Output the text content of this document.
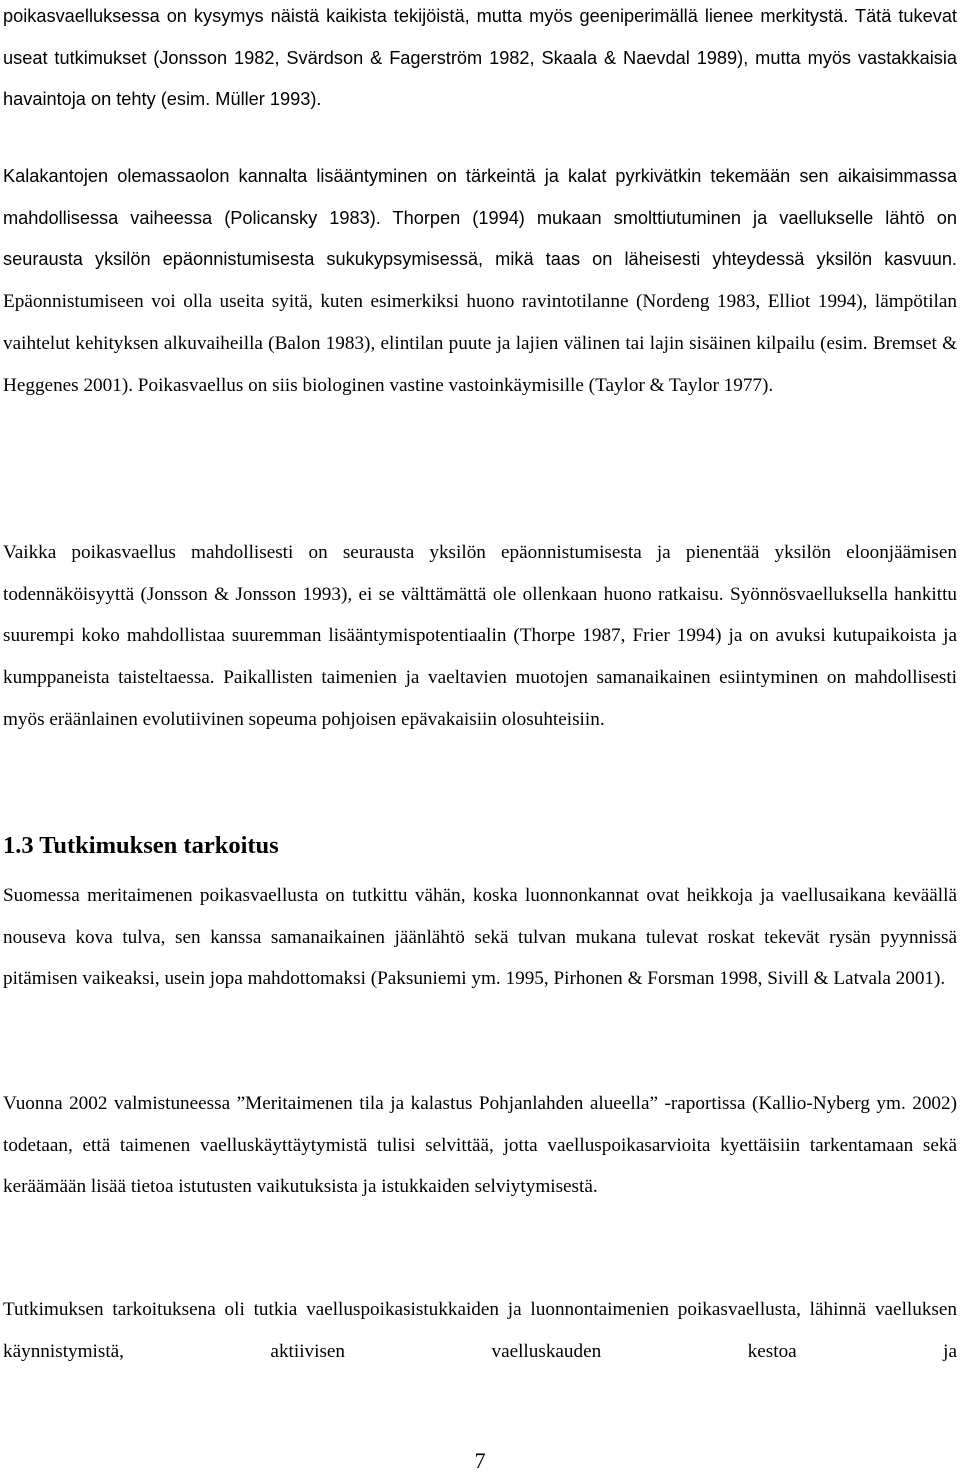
poikasvaelluksessa on kysymys näistä kaikista tekijöistä, mutta myös geeniperimällä lienee merkitystä. Tätä tukevat useat tutkimukset (Jonsson 1982, Svärdson & Fagerström 1982, Skaala & Naevdal 1989), mutta myös vastakkaisia havaintoja on tehty (esim. Müller 1993).

Kalakantojen olemassaolon kannalta lisääntyminen on tärkeintä ja kalat pyrkivätkin tekemään sen aikaisimmassa mahdollisessa vaiheessa (Policansky 1983). Thorpen (1994) mukaan smolttiutuminen ja vaellukselle lähtö on seurausta yksilön epäonnistumisesta sukukypsymisessä, mikä taas on läheisesti yhteydessä yksilön kasvuun. Epäonnistumiseen voi olla useita syitä, kuten esimerkiksi huono ravintotilanne (Nordeng 1983, Elliot 1994), lämpötilan vaihtelut kehityksen alkuvaiheilla (Balon 1983), elintilan puute ja lajien välinen tai lajin sisäinen kilpailu (esim. Bremset & Heggenes 2001). Poikasvaellus on siis biologinen vastine vastoinkäymisille (Taylor & Taylor 1977).

Vaikka poikasvaellus mahdollisesti on seurausta yksilön epäonnistumisesta ja pienentää yksilön eloonjäämisen todennäköisyyttä (Jonsson & Jonsson 1993), ei se välttämättä ole ollenkaan huono ratkaisu. Syönnösvaelluksella hankittu suurempi koko mahdollistaa suuremman lisääntymispotentiaalin (Thorpe 1987, Frier 1994) ja on avuksi kutupaikoista ja kumppaneista taisteltaessa. Paikallisten taimenien ja vaeltavien muotojen samanaikainen esiintyminen on mahdollisesti myös eräänlainen evolutiivinen sopeuma pohjoisen epävakaisiin olosuhteisiin.

1.3 Tutkimuksen tarkoitus

Suomessa meritaimenen poikasvaellusta on tutkittu vähän, koska luonnonkannat ovat heikkoja ja vaellusaikana keväällä nouseva kova tulva, sen kanssa samanaikainen jäänlähtö sekä tulvan mukana tulevat roskat tekevät rysän pyynnissä pitämisen vaikeaksi, usein jopa mahdottomaksi (Paksuniemi ym. 1995, Pirhonen & Forsman 1998, Sivill & Latvala 2001).

Vuonna 2002 valmistuneessa ”Meritaimenen tila ja kalastus Pohjanlahden alueella” -raportissa (Kallio-Nyberg ym. 2002) todetaan, että taimenen vaelluskäyttäytymistä tulisi selvittää, jotta vaelluspoikasarvioita kyettäisiin tarkentamaan sekä keräämään lisää tietoa istutusten vaikutuksista ja istukkaiden selviytymisestä.

Tutkimuksen tarkoituksena oli tutkia vaelluspoikasistukkaiden ja luonnontaimenien poikasvaellusta, lähinnä vaelluksen käynnistymistä, aktiivisen vaelluskauden kestoa ja

7
